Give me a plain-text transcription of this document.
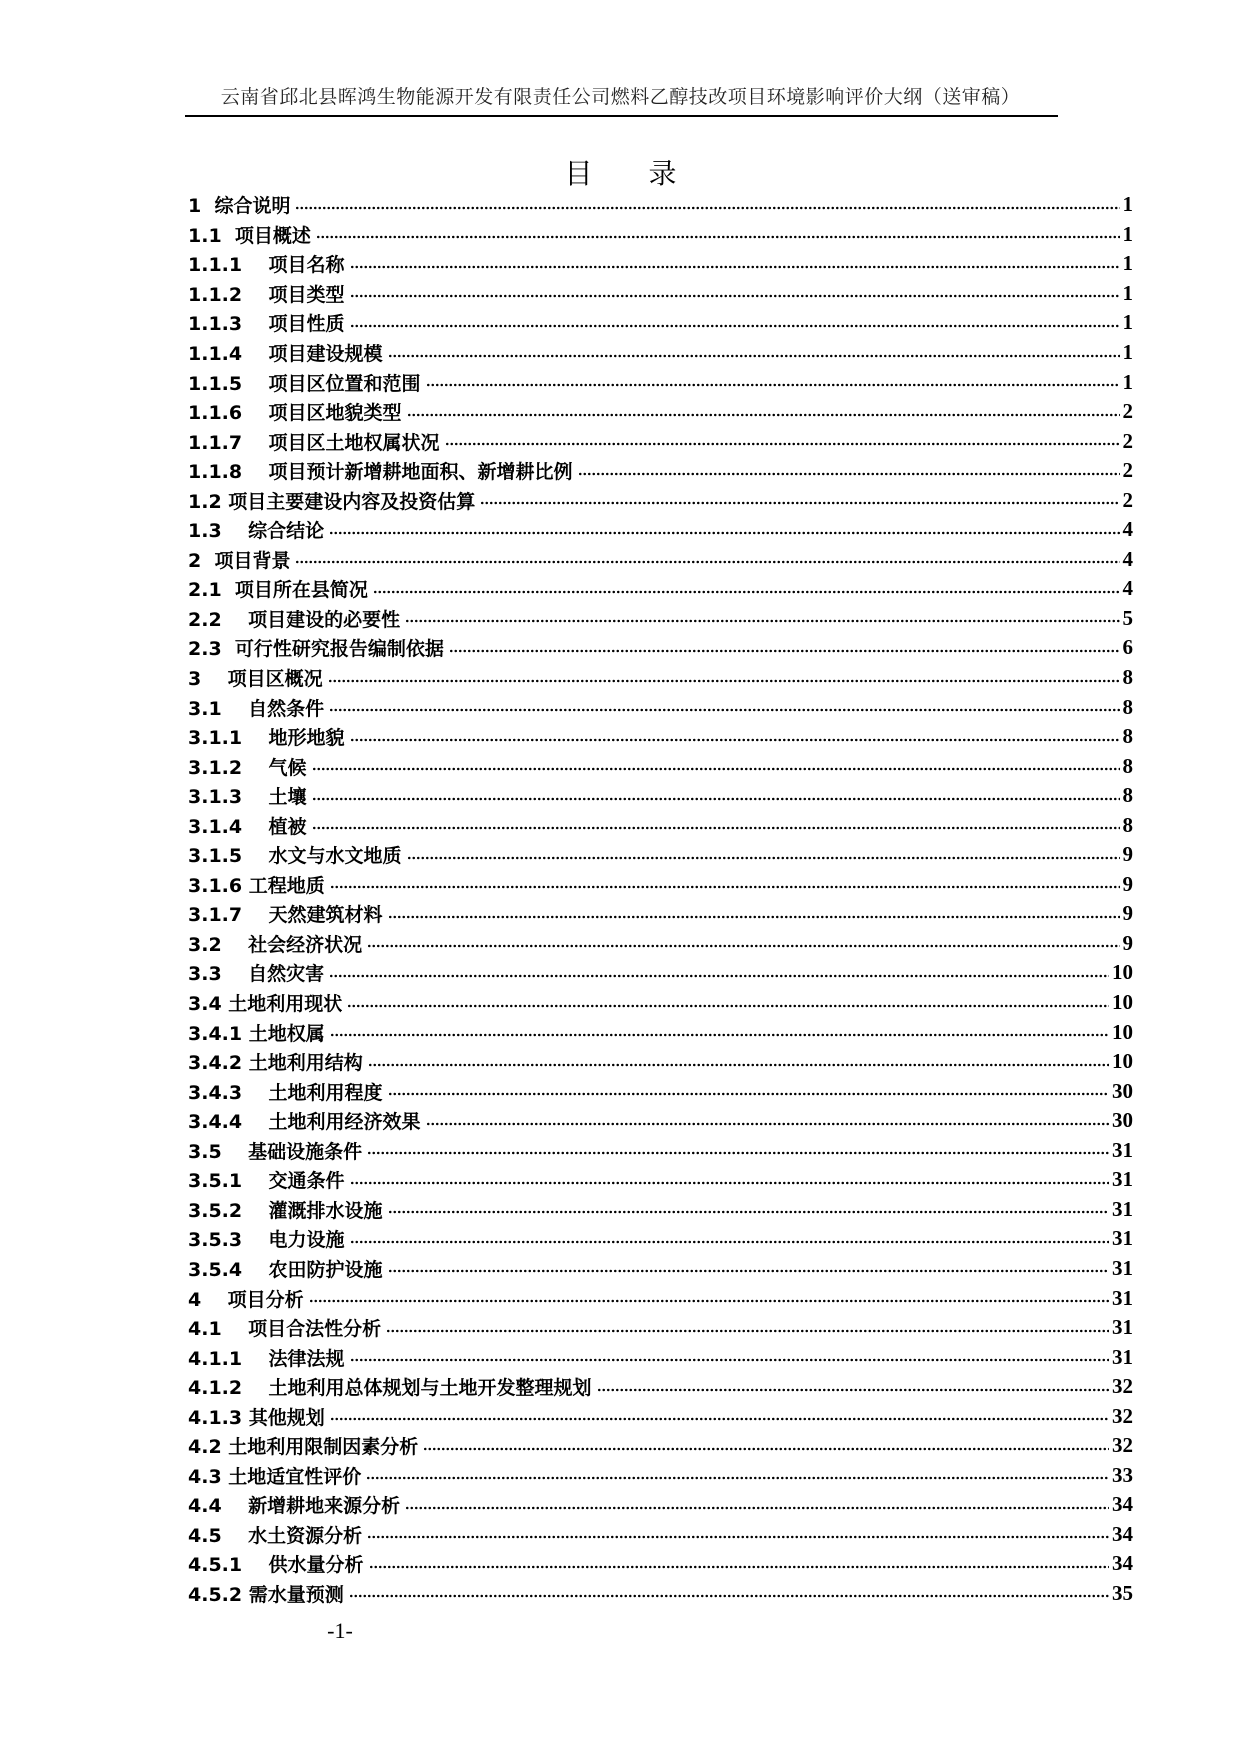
云南省邱北县晖鸿生物能源开发有限责任公司燃料乙醇技改项目环境影响评价大纲（送审稿）
目 录
1  综合说明	1
1.1  项目概述	1
1.1.1    项目名称	1
1.1.2    项目类型	1
1.1.3    项目性质	1
1.1.4    项目建设规模	1
1.1.5    项目区位置和范围	1
1.1.6    项目区地貌类型	2
1.1.7    项目区土地权属状况	2
1.1.8    项目预计新增耕地面积、新增耕比例	2
1.2 项目主要建设内容及投资估算	2
1.3    综合结论	4
2  项目背景	4
2.1  项目所在县简况	4
2.2    项目建设的必要性	5
2.3  可行性研究报告编制依据	6
3    项目区概况	8
3.1    自然条件	8
3.1.1    地形地貌	8
3.1.2    气候	8
3.1.3    土壤	8
3.1.4    植被	8
3.1.5    水文与水文地质	9
3.1.6 工程地质	9
3.1.7    天然建筑材料	9
3.2    社会经济状况	9
3.3    自然灾害	10
3.4 土地利用现状	10
3.4.1 土地权属	10
3.4.2 土地利用结构	10
3.4.3    土地利用程度	30
3.4.4    土地利用经济效果	30
3.5    基础设施条件	31
3.5.1    交通条件	31
3.5.2    灌溉排水设施	31
3.5.3    电力设施	31
3.5.4    农田防护设施	31
4    项目分析	31
4.1    项目合法性分析	31
4.1.1    法律法规	31
4.1.2    土地利用总体规划与土地开发整理规划	32
4.1.3 其他规划	32
4.2 土地利用限制因素分析	32
4.3 土地适宜性评价	33
4.4    新增耕地来源分析	34
4.5    水土资源分析	34
4.5.1    供水量分析	34
4.5.2 需水量预测	35
-1-
